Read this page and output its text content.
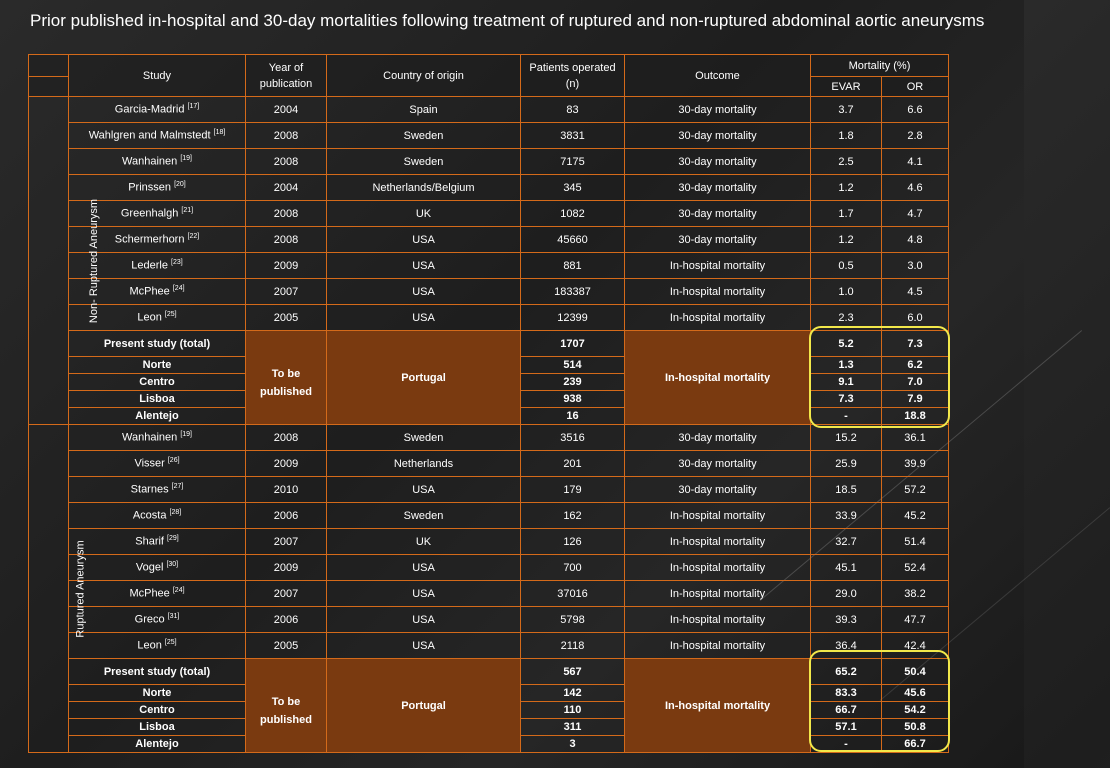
Prior published in-hospital and 30-day mortalities following treatment of ruptured and non-ruptured abdominal aortic aneurysms
	Study	Year of publication	Country of origin	Patients operated (n)	Outcome	Mortality (%)	
						EVAR	OR
Non- Ruptured Aneurysm	Garcia-Madrid [17]	2004	Spain	83	30-day mortality	3.7	6.6
	Wahlgren and Malmstedt [18]	2008	Sweden	3831	30-day mortality	1.8	2.8
	Wanhainen [19]	2008	Sweden	7175	30-day mortality	2.5	4.1
	Prinssen [20]	2004	Netherlands/Belgium	345	30-day mortality	1.2	4.6
	Greenhalgh [21]	2008	UK	1082	30-day mortality	1.7	4.7
	Schermerhorn [22]	2008	USA	45660	30-day mortality	1.2	4.8
	Lederle [23]	2009	USA	881	In-hospital mortality	0.5	3.0
	McPhee [24]	2007	USA	183387	In-hospital mortality	1.0	4.5
	Leon [25]	2005	USA	12399	In-hospital mortality	2.3	6.0
	Present study (total)	To be published	Portugal	1707	In-hospital mortality	5.2	7.3
	Norte			514		1.3	6.2
	Centro			239		9.1	7.0
	Lisboa			938		7.3	7.9
	Alentejo			16		-	18.8
Ruptured Aneurysm	Wanhainen [19]	2008	Sweden	3516	30-day mortality	15.2	36.1
	Visser [26]	2009	Netherlands	201	30-day mortality	25.9	39.9
	Starnes [27]	2010	USA	179	30-day mortality	18.5	57.2
	Acosta [28]	2006	Sweden	162	In-hospital mortality	33.9	45.2
	Sharif [29]	2007	UK	126	In-hospital mortality	32.7	51.4
	Vogel [30]	2009	USA	700	In-hospital mortality	45.1	52.4
	McPhee [24]	2007	USA	37016	In-hospital mortality	29.0	38.2
	Greco [31]	2006	USA	5798	In-hospital mortality	39.3	47.7
	Leon [25]	2005	USA	2118	In-hospital mortality	36.4	42.4
	Present study (total)	To be published	Portugal	567	In-hospital mortality	65.2	50.4
	Norte			142		83.3	45.6
	Centro			110		66.7	54.2
	Lisboa			311		57.1	50.8
	Alentejo			3		-	66.7
